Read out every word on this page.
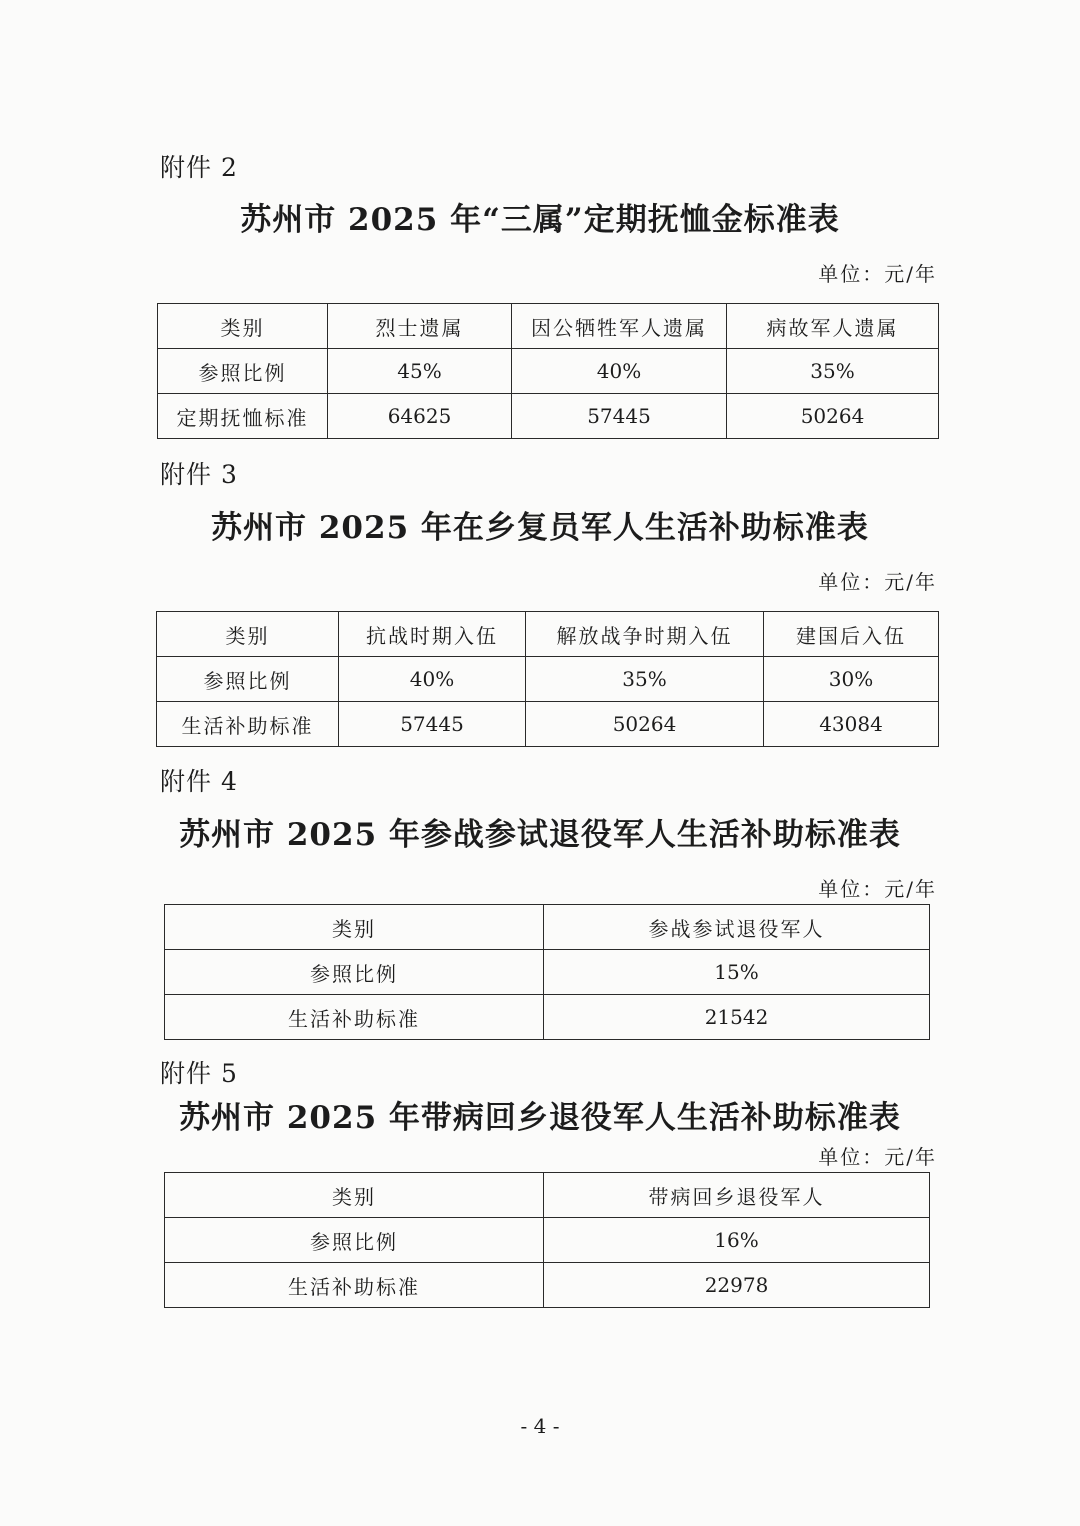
附件 2
苏州市 2025 年“三属”定期抚恤金标准表
单位：元/年
类别	烈士遗属	因公牺牲军人遗属	病故军人遗属
参照比例	45%	40%	35%
定期抚恤标准	64625	57445	50264
附件 3
苏州市 2025 年在乡复员军人生活补助标准表
单位：元/年
类别	抗战时期入伍	解放战争时期入伍	建国后入伍
参照比例	40%	35%	30%
生活补助标准	57445	50264	43084
附件 4
苏州市 2025 年参战参试退役军人生活补助标准表
单位：元/年
类别	参战参试退役军人
参照比例	15%
生活补助标准	21542
附件 5
苏州市 2025 年带病回乡退役军人生活补助标准表
单位：元/年
类别	带病回乡退役军人
参照比例	16%
生活补助标准	22978
- 4 -
